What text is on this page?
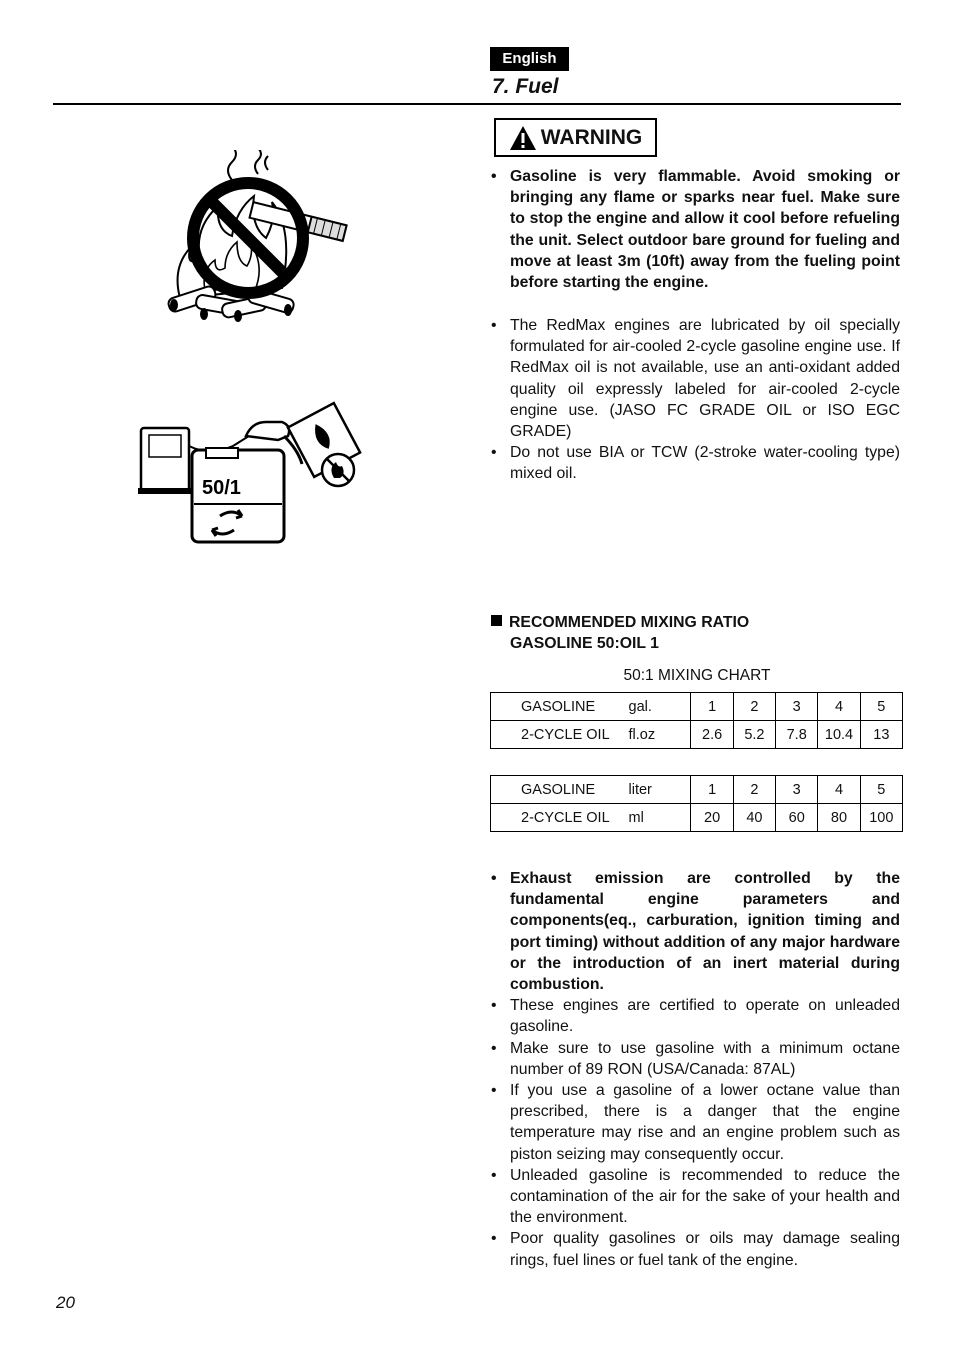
English
7. Fuel
50/1
WARNING
• Gasoline is very flammable. Avoid smoking or bringing any flame or sparks near fuel. Make sure to stop the engine and allow it cool before refueling the unit. Select outdoor bare ground for fueling and move at least 3m (10ft) away from the fueling point before starting the engine.
• The RedMax engines are lubricated by oil specially formulated for air-cooled 2-cycle gasoline engine use. If RedMax oil is not available, use an anti-oxidant added quality oil expressly labeled for air-cooled 2-cycle engine use. (JASO FC GRADE OIL or ISO EGC GRADE)
• Do not use BIA or TCW (2-stroke water-cooling type) mixed oil.
RECOMMENDED MIXING RATIO
GASOLINE 50:OIL 1
50:1 MIXING CHART
GASOLINE	gal.	1	2	3	4	5
2-CYCLE OIL	fl.oz	2.6	5.2	7.8	10.4	13
GASOLINE	liter	1	2	3	4	5
2-CYCLE OIL	ml	20	40	60	80	100
• Exhaust emission are controlled by the fundamental engine parameters and components(eq., carburation, ignition timing and port timing) without addition of any major hardware or the introduction of an inert material during combustion.
• These engines are certified to operate on unleaded gasoline.
• Make sure to use gasoline with a minimum octane number of 89 RON (USA/Canada: 87AL)
• If you use a gasoline of a lower octane value than prescribed, there is a danger that the engine temperature may rise and an engine problem such as piston seizing may consequently occur.
• Unleaded gasoline is recommended to reduce the contamination of the air for the sake of your health and the environment.
• Poor quality gasolines or oils may damage sealing rings, fuel lines or fuel tank of the engine.
20
